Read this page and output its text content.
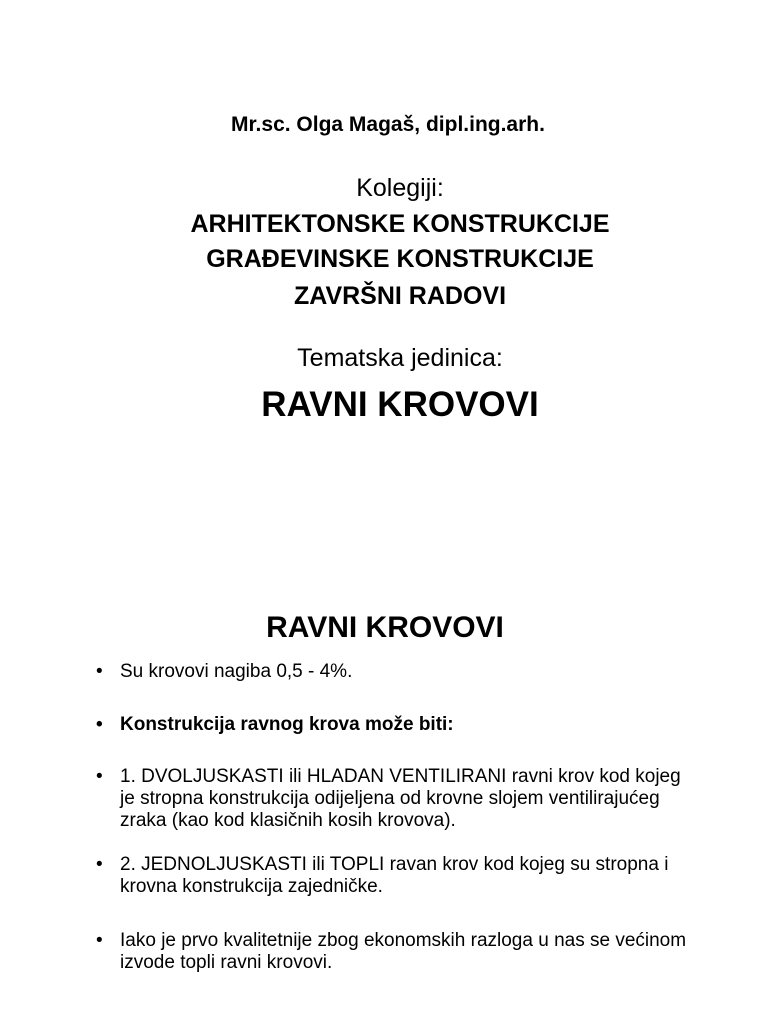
Mr.sc. Olga Magaš, dipl.ing.arh.
Kolegiji:
ARHITEKTONSKE KONSTRUKCIJE
GRAĐEVINSKE KONSTRUKCIJE
ZAVRŠNI RADOVI
Tematska jedinica:
RAVNI KROVOVI
RAVNI KROVOVI
• Su krovovi nagiba 0,5 - 4%.
• Konstrukcija ravnog krova može biti:
• 1. DVOLJUSKASTI ili HLADAN VENTILIRANI ravni krov kod kojeg je stropna konstrukcija odijeljena od krovne slojem ventilirajućeg zraka (kao kod klasičnih kosih krovova).
• 2. JEDNOLJUSKASTI ili TOPLI ravan krov kod kojeg su stropna i krovna konstrukcija zajedničke.
• Iako je prvo kvalitetnije zbog ekonomskih razloga u nas se većinom izvode topli ravni krovovi.
